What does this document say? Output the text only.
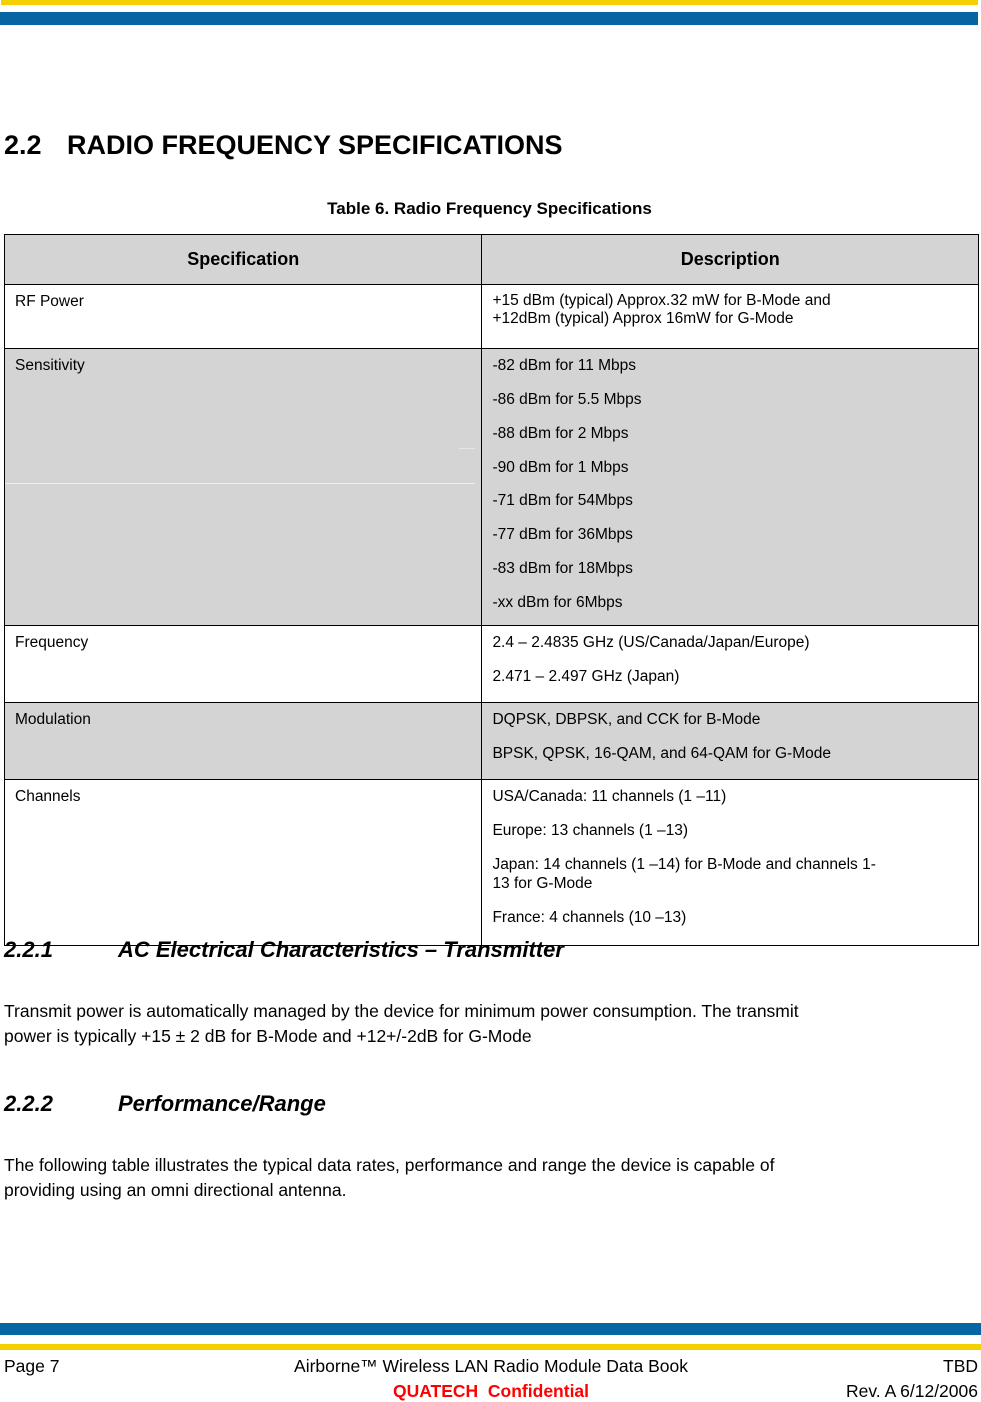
2.2 RADIO FREQUENCY SPECIFICATIONS

Table 6. Radio Frequency Specifications

Specification	Description
RF Power	+15 dBm (typical) Approx.32 mW for B-Mode and
+12dBm (typical) Approx 16mW for G-Mode

Sensitivity	-82 dBm for 11 Mbps
-86 dBm for 5.5 Mbps
-88 dBm for 2 Mbps
-90 dBm for 1 Mbps
-71 dBm for 54Mbps
-77 dBm for 36Mbps
-83 dBm for 18Mbps
-xx dBm for 6Mbps

Frequency	2.4 – 2.4835 GHz (US/Canada/Japan/Europe)
2.471 – 2.497 GHz (Japan)

Modulation	DQPSK, DBPSK, and CCK for B-Mode
BPSK, QPSK, 16-QAM, and 64-QAM for G-Mode

Channels	USA/Canada: 11 channels (1 –11)
Europe: 13 channels (1 –13)
Japan: 14 channels (1 –14) for B-Mode and channels 1-
13 for G-Mode
France: 4 channels (10 –13)
2.2.1	AC Electrical Characteristics – Transmitter
Transmit power is automatically managed by the device for minimum power consumption. The transmit
power is typically +15 ± 2 dB for B-Mode and +12+/-2dB for G-Mode
2.2.2	Performance/Range
The following table illustrates the typical data rates, performance and range the device is capable of
providing using an omni directional antenna.
Page 7	Airborne™ Wireless LAN Radio Module Data Book	TBD
QUATECH  Confidential	Rev. A 6/12/2006
